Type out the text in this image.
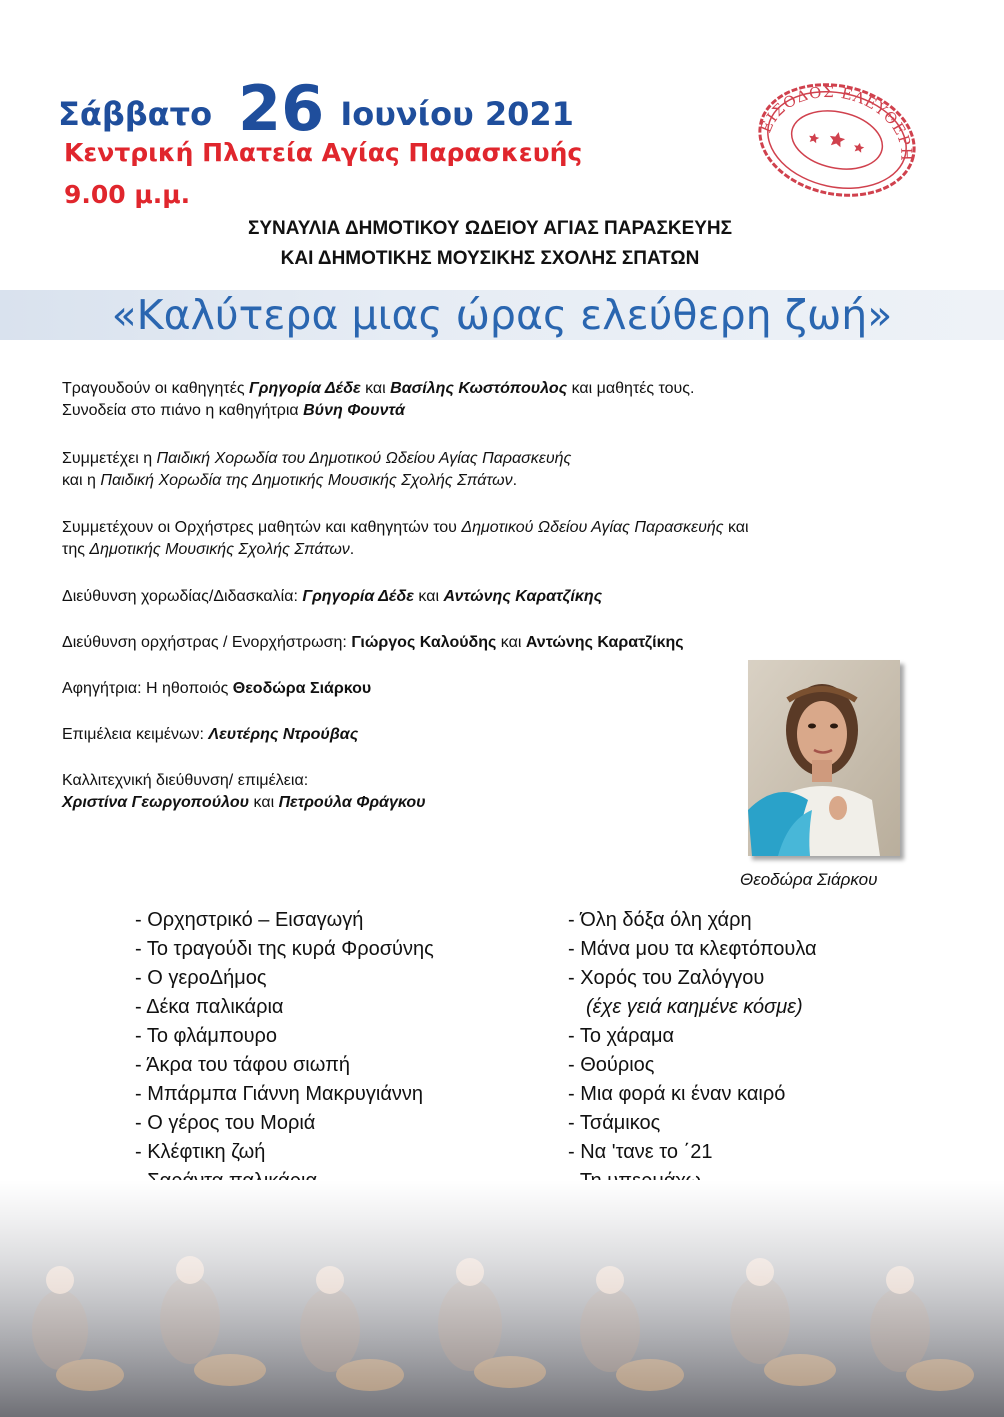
Σάββατο 26 Ιουνίου 2021
Κεντρική Πλατεία Αγίας Παρασκευής
9.00 μ.μ.
ΕΙΣΟΔΟΣ ΕΛΕΥΘΕΡΗ
ΣΥΝΑΥΛΙΑ ΔΗΜΟΤΙΚΟΥ ΩΔΕΙΟΥ ΑΓΙΑΣ ΠΑΡΑΣΚΕΥΗΣ
ΚΑΙ ΔΗΜΟΤΙΚΗΣ ΜΟΥΣΙΚΗΣ ΣΧΟΛΗΣ ΣΠΑΤΩΝ
«Καλύτερα μιας ώρας ελεύθερη ζωή»
Τραγουδούν οι καθηγητές Γρηγορία Δέδε και Βασίλης Κωστόπουλος και μαθητές τους.
Συνοδεία στο πιάνο η καθηγήτρια Βύνη Φουντά
Συμμετέχει η Παιδική Χορωδία του Δημοτικού Ωδείου Αγίας Παρασκευής
και η Παιδική Χορωδία της Δημοτικής Μουσικής Σχολής Σπάτων.
Συμμετέχουν οι Ορχήστρες μαθητών και καθηγητών του Δημοτικού Ωδείου Αγίας Παρασκευής και
της Δημοτικής Μουσικής Σχολής Σπάτων.
Διεύθυνση χορωδίας/Διδασκαλία: Γρηγορία Δέδε και Αντώνης Καρατζίκης
Διεύθυνση ορχήστρας / Ενορχήστρωση: Γιώργος Καλούδης και Αντώνης Καρατζίκης
Αφηγήτρια: Η ηθοποιός Θεοδώρα Σιάρκου
Επιμέλεια κειμένων: Λευτέρης Ντρούβας
Καλλιτεχνική διεύθυνση/ επιμέλεια:
Χριστίνα Γεωργοπούλου και Πετρούλα Φράγκου
Θεοδώρα Σιάρκου
- Ορχηστρικό – Εισαγωγή
- Το τραγούδι της κυρά Φροσύνης
- Ο γεροΔήμος
- Δέκα παλικάρια
- Το φλάμπουρο
- Άκρα του τάφου σιωπή
- Μπάρμπα Γιάννη Μακρυγιάννη
- Ο γέρος του Μοριά
- Κλέφτικη ζωή
- Όλη δόξα όλη χάρη
- Μάνα μου τα κλεφτόπουλα
- Χορός του Ζαλόγγου
(έχε γειά καημένε κόσμε)
- Το χάραμα
- Θούριος
- Μια φορά κι έναν καιρό
- Τσάμικος
- Να 'τανε το ΄21
